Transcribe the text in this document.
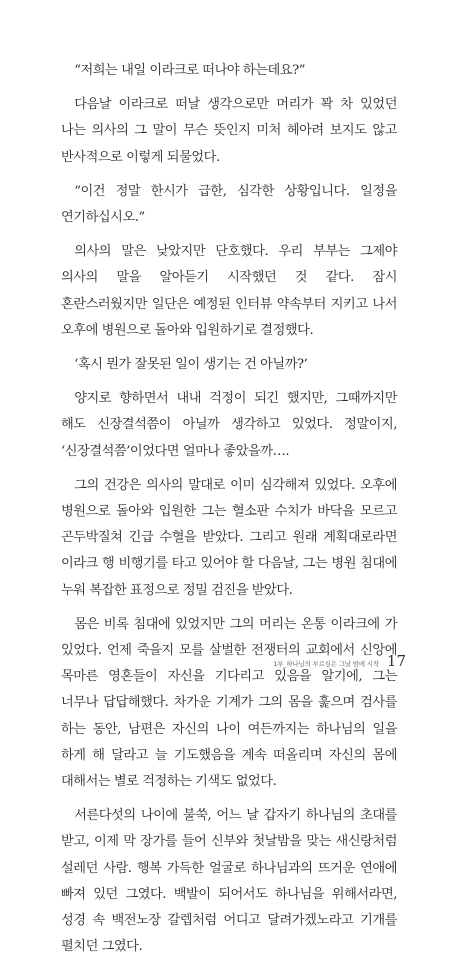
“저희는 내일 이라크로 떠나야 하는데요?”

다음날 이라크로 떠날 생각으로만 머리가 꽉 차 있었던 나는 의사의 그 말이 무슨 뜻인지 미처 헤아려 보지도 않고 반사적으로 이렇게 되물었다.

“이건 정말 한시가 급한, 심각한 상황입니다. 일정을 연기하십시오.”

의사의 말은 낮았지만 단호했다. 우리 부부는 그제야 의사의 말을 알아듣기 시작했던 것 같다. 잠시 혼란스러웠지만 일단은 예정된 인터뷰 약속부터 지키고 나서 오후에 병원으로 돌아와 입원하기로 결정했다.

‘혹시 뭔가 잘못된 일이 생기는 건 아닐까?’

양지로 향하면서 내내 걱정이 되긴 했지만, 그때까지만 해도 신장결석쯤이 아닐까 생각하고 있었다. 정말이지, ‘신장결석쯤’이었다면 얼마나 좋았을까….

그의 건강은 의사의 말대로 이미 심각해져 있었다. 오후에 병원으로 돌아와 입원한 그는 혈소판 수치가 바닥을 모르고 곤두박질쳐 긴급 수혈을 받았다. 그리고 원래 계획대로라면 이라크 행 비행기를 타고 있어야 할 다음날, 그는 병원 침대에 누워 복잡한 표정으로 정밀 검진을 받았다.

몸은 비록 침대에 있었지만 그의 머리는 온통 이라크에 가 있었다. 언제 죽을지 모를 살벌한 전쟁터의 교회에서 신앙에 목마른 영혼들이 자신을 기다리고 있음을 알기에, 그는 너무나 답답해했다. 차가운 기계가 그의 몸을 훑으며 검사를 하는 동안, 남편은 자신의 나이 여든까지는 하나님의 일을 하게 해 달라고 늘 기도했음을 계속 떠올리며 자신의 몸에 대해서는 별로 걱정하는 기색도 없었다.

서른다섯의 나이에 불쑥, 어느 날 갑자기 하나님의 초대를 받고, 이제 막 장가를 들어 신부와 첫날밤을 맞는 새신랑처럼 설레던 사람. 행복 가득한 얼굴로 하나님과의 뜨거운 연애에 빠져 있던 그였다. 백발이 되어서도 하나님을 위해서라면, 성경 속 백전노장 갈렙처럼 어디고 달려가겠노라고 기개를 펼치던 그였다.

1부_하나님의 부르심은 그날 밤에 시작 17
